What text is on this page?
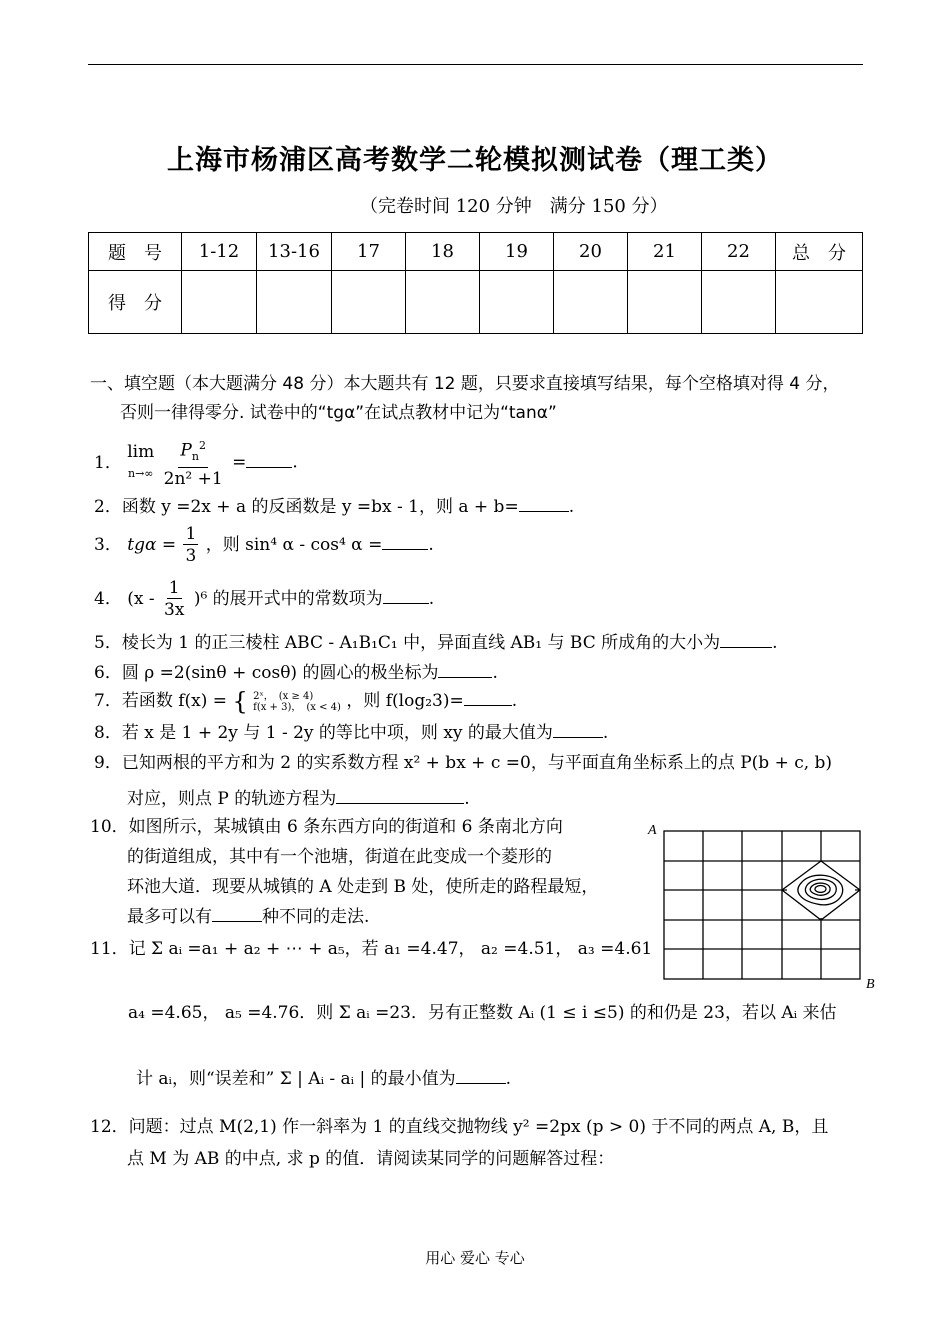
上海市杨浦区高考数学二轮模拟测试卷（理工类）
（完卷时间 120 分钟　满分 150 分）
题　号	1-12	13-16	17	18	19	20	21	22	总　分
得　分									
一、填空题（本大题满分 48 分）本大题共有 12 题，只要求直接填写结果，每个空格填对得 4 分，
否则一律得零分. 试卷中的“tgα”在试点教材中记为“tanα”
1．
lim
n→∞
$\frac{P_n^2}{\text{2n² +1}}$ =	.
2．函数 y =2x + a 的反函数是 y =bx - 1，则 a + b=	.
3． $tg\alpha = \frac{1}{3}$ ，则 sin⁴ α - cos⁴ α =	.
4． $(x - \frac{1}{3x} )^6$ 的展开式中的常数项为	.
5．棱长为 1 的正三棱柱 ABC - A₁B₁C₁ 中，异面直线 AB₁ 与 BC 所成角的大小为	.
6．圆 ρ =2(sinθ + cosθ) 的圆心的极坐标为	.
7．若函数 f(x) = { 2ˣ，　(x ≥ 4)
f(x + 3)，　(x < 4) ，则 f(log₂3)=	.
8．若 x 是 1 + 2y 与 1 - 2y 的等比中项，则 xy 的最大值为	.
9．已知两根的平方和为 2 的实系数方程 x² + bx + c =0，与平面直角坐标系上的点 P(b + c, b)
对应，则点 P 的轨迹方程为	.
10．如图所示，某城镇由 6 条东西方向的街道和 6 条南北方向
的街道组成，其中有一个池塘，街道在此变成一个菱形的
环池大道．现要从城镇的 A 处走到 B 处，使所走的路程最短，
最多可以有	种不同的走法.
A
B
11．记 Σ aᵢ =a₁ + a₂ + ⋯ + a₅，若 a₁ =4.47， a₂ =4.51， a₃ =4.61
a₄ =4.65， a₅ =4.76．则 Σ aᵢ =23．另有正整数 Aᵢ (1 ≤ i ≤5) 的和仍是 23，若以 Aᵢ 来估
计 aᵢ，则“误差和” Σ | Aᵢ - aᵢ | 的最小值为	.
12．问题：过点 M(2,1) 作一斜率为 1 的直线交抛物线 y² =2px (p > 0) 于不同的两点 A, B，且
点 M 为 AB 的中点, 求 p 的值．请阅读某同学的问题解答过程：
用心 爱心 专心
